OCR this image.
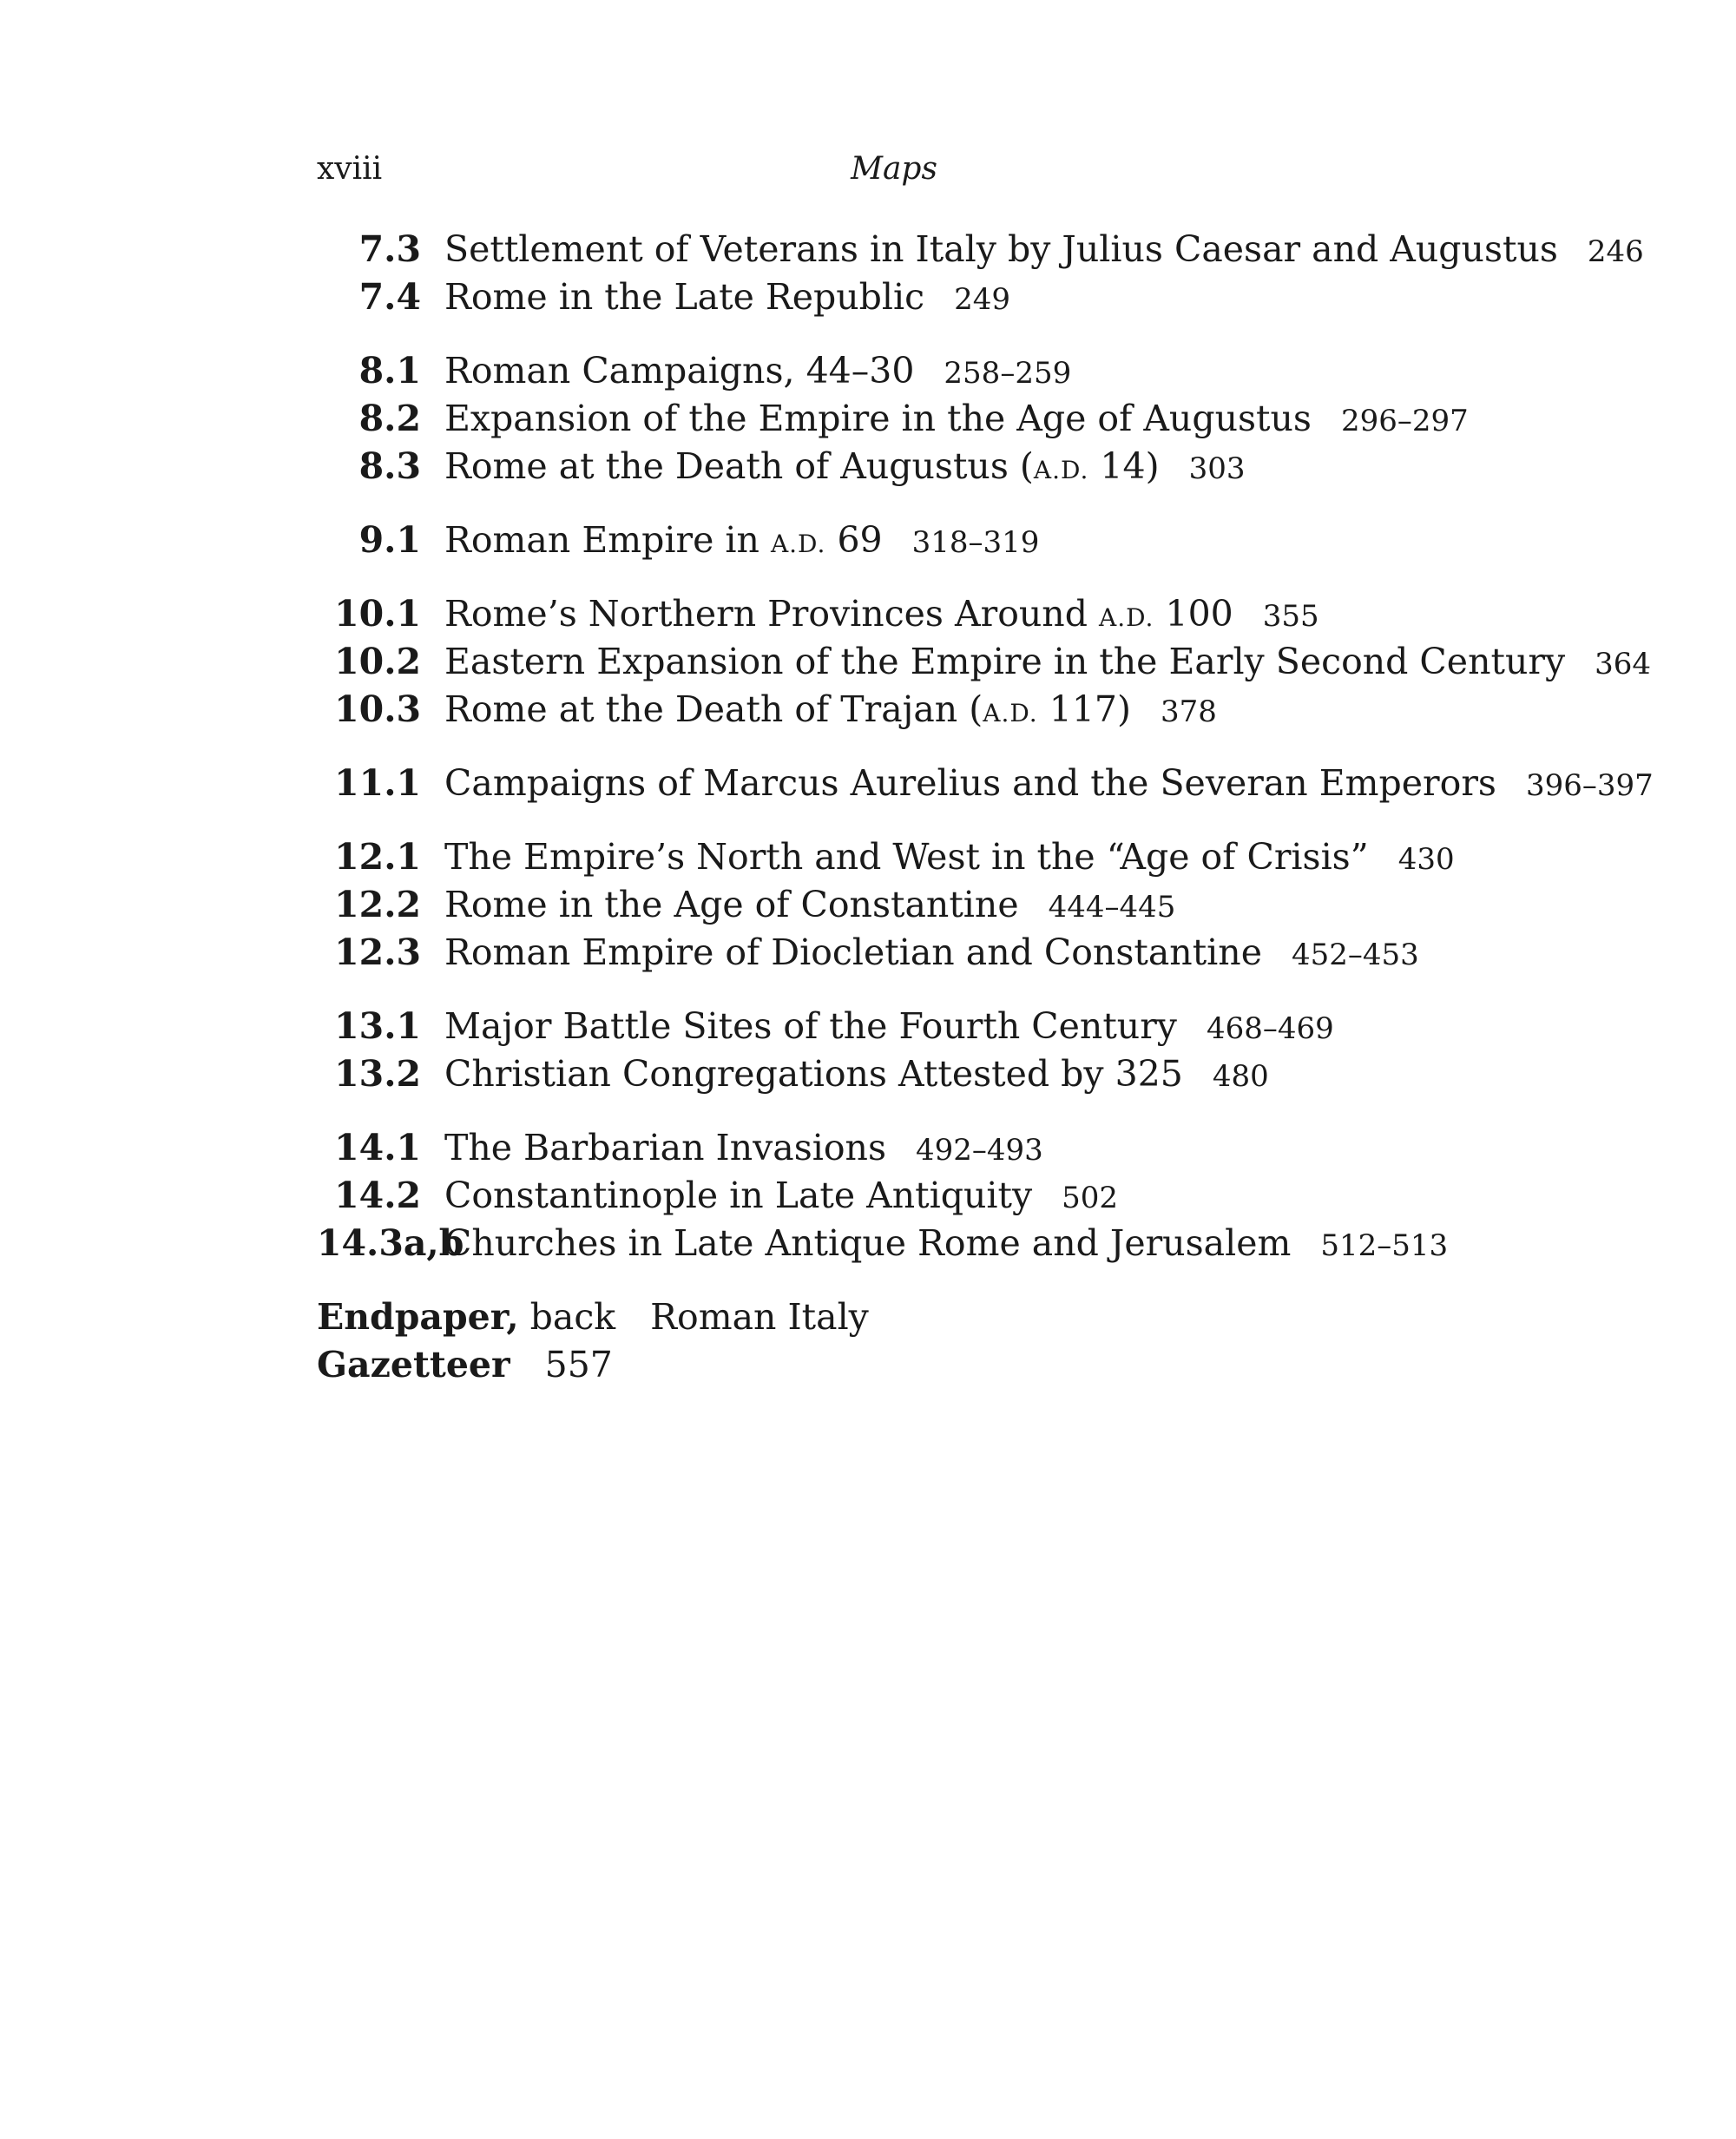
xviii	Maps
7.3 Settlement of Veterans in Italy by Julius Caesar and Augustus 246
7.4 Rome in the Late Republic 249
8.1 Roman Campaigns, 44–30 258–259
8.2 Expansion of the Empire in the Age of Augustus 296–297
8.3 Rome at the Death of Augustus (A.D. 14) 303
9.1 Roman Empire in A.D. 69 318–319
10.1 Rome’s Northern Provinces Around A.D. 100 355
10.2 Eastern Expansion of the Empire in the Early Second Century 364
10.3 Rome at the Death of Trajan (A.D. 117) 378
11.1 Campaigns of Marcus Aurelius and the Severan Emperors 396–397
12.1 The Empire’s North and West in the “Age of Crisis” 430
12.2 Rome in the Age of Constantine 444–445
12.3 Roman Empire of Diocletian and Constantine 452–453
13.1 Major Battle Sites of the Fourth Century 468–469
13.2 Christian Congregations Attested by 325 480
14.1 The Barbarian Invasions 492–493
14.2 Constantinople in Late Antiquity 502
14.3a,b
Churches in Late Antique Rome and Jerusalem 512–513
Endpaper, back Roman Italy
Gazetteer 557
